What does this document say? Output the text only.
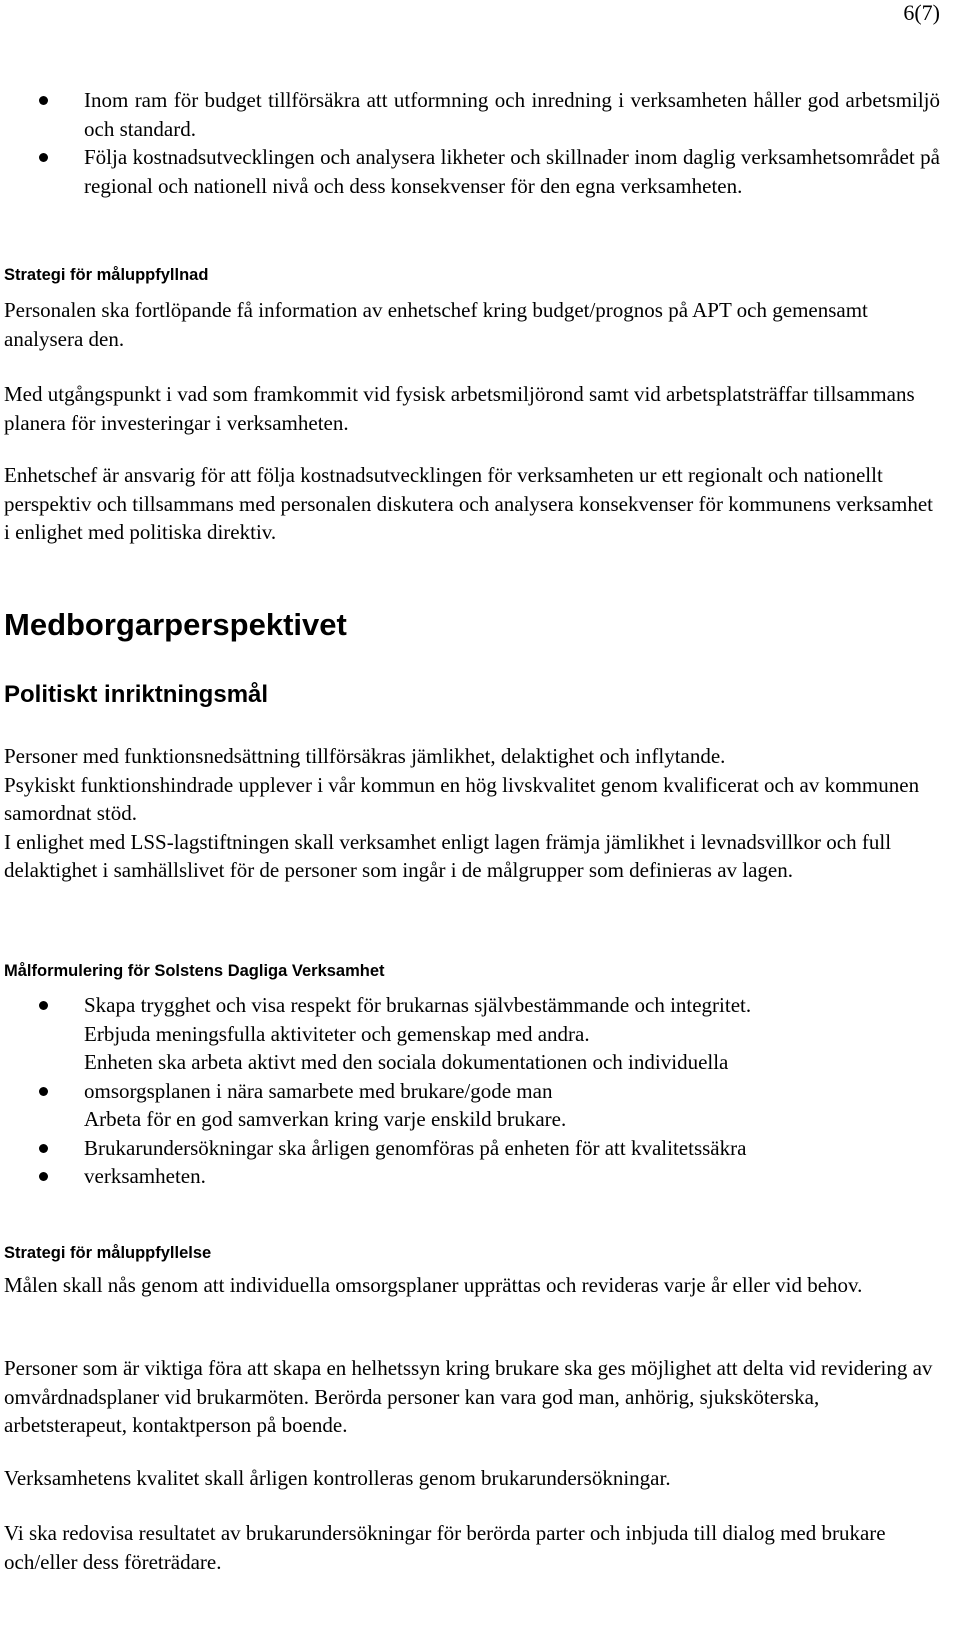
6(7)
Inom ram för budget tillförsäkra att utformning och inredning i verksamheten håller god arbetsmiljö och standard.
Följa kostnadsutvecklingen och analysera likheter och skillnader inom daglig verksamhetsområdet på regional och nationell nivå och dess konsekvenser för den egna verksamheten.
Strategi för måluppfyllnad

Personalen ska fortlöpande få information av enhetschef kring budget/prognos på APT och gemensamt analysera den.

Med utgångspunkt i vad som framkommit vid fysisk arbetsmiljörond samt vid arbetsplatsträffar tillsammans planera för investeringar i verksamheten.

Enhetschef är ansvarig för att följa kostnadsutvecklingen för verksamheten ur ett regionalt och nationellt perspektiv och tillsammans med personalen diskutera och analysera konsekvenser för kommunens verksamhet i enlighet med politiska direktiv.

Medborgarperspektivet
Politiskt inriktningsmål

Personer med funktionsnedsättning tillförsäkras jämlikhet, delaktighet och inflytande.
Psykiskt funktionshindrade upplever i vår kommun en hög livskvalitet genom kvalificerat och av kommunen samordnat stöd.
I enlighet med LSS-lagstiftningen skall verksamhet enligt lagen främja jämlikhet i levnadsvillkor och full delaktighet i samhällslivet för de personer som ingår i de målgrupper som definieras av lagen.

Målformulering för Solstens Dagliga Verksamhet
Skapa trygghet och visa respekt för brukarnas självbestämmande och integritet.
Erbjuda meningsfulla aktiviteter och gemenskap med andra.
Enheten ska arbeta aktivt med den sociala dokumentationen och individuella
omsorgsplanen i nära samarbete med brukare/gode man
Arbeta för en god samverkan kring varje enskild brukare.
Brukarundersökningar ska årligen genomföras på enheten för att kvalitetssäkra
verksamheten.
Strategi för måluppfyllelse

Målen skall nås genom att individuella omsorgsplaner upprättas och revideras varje år eller vid behov.

Personer som är viktiga föra att skapa en helhetssyn kring brukare ska ges möjlighet att delta vid revidering av omvårdnadsplaner vid brukarmöten. Berörda personer kan vara god man, anhörig, sjuksköterska, arbetsterapeut, kontaktperson på boende.

Verksamhetens kvalitet skall årligen kontrolleras genom brukarundersökningar.

Vi ska redovisa resultatet av brukarundersökningar för berörda parter och inbjuda till dialog med brukare och/eller dess företrädare.
